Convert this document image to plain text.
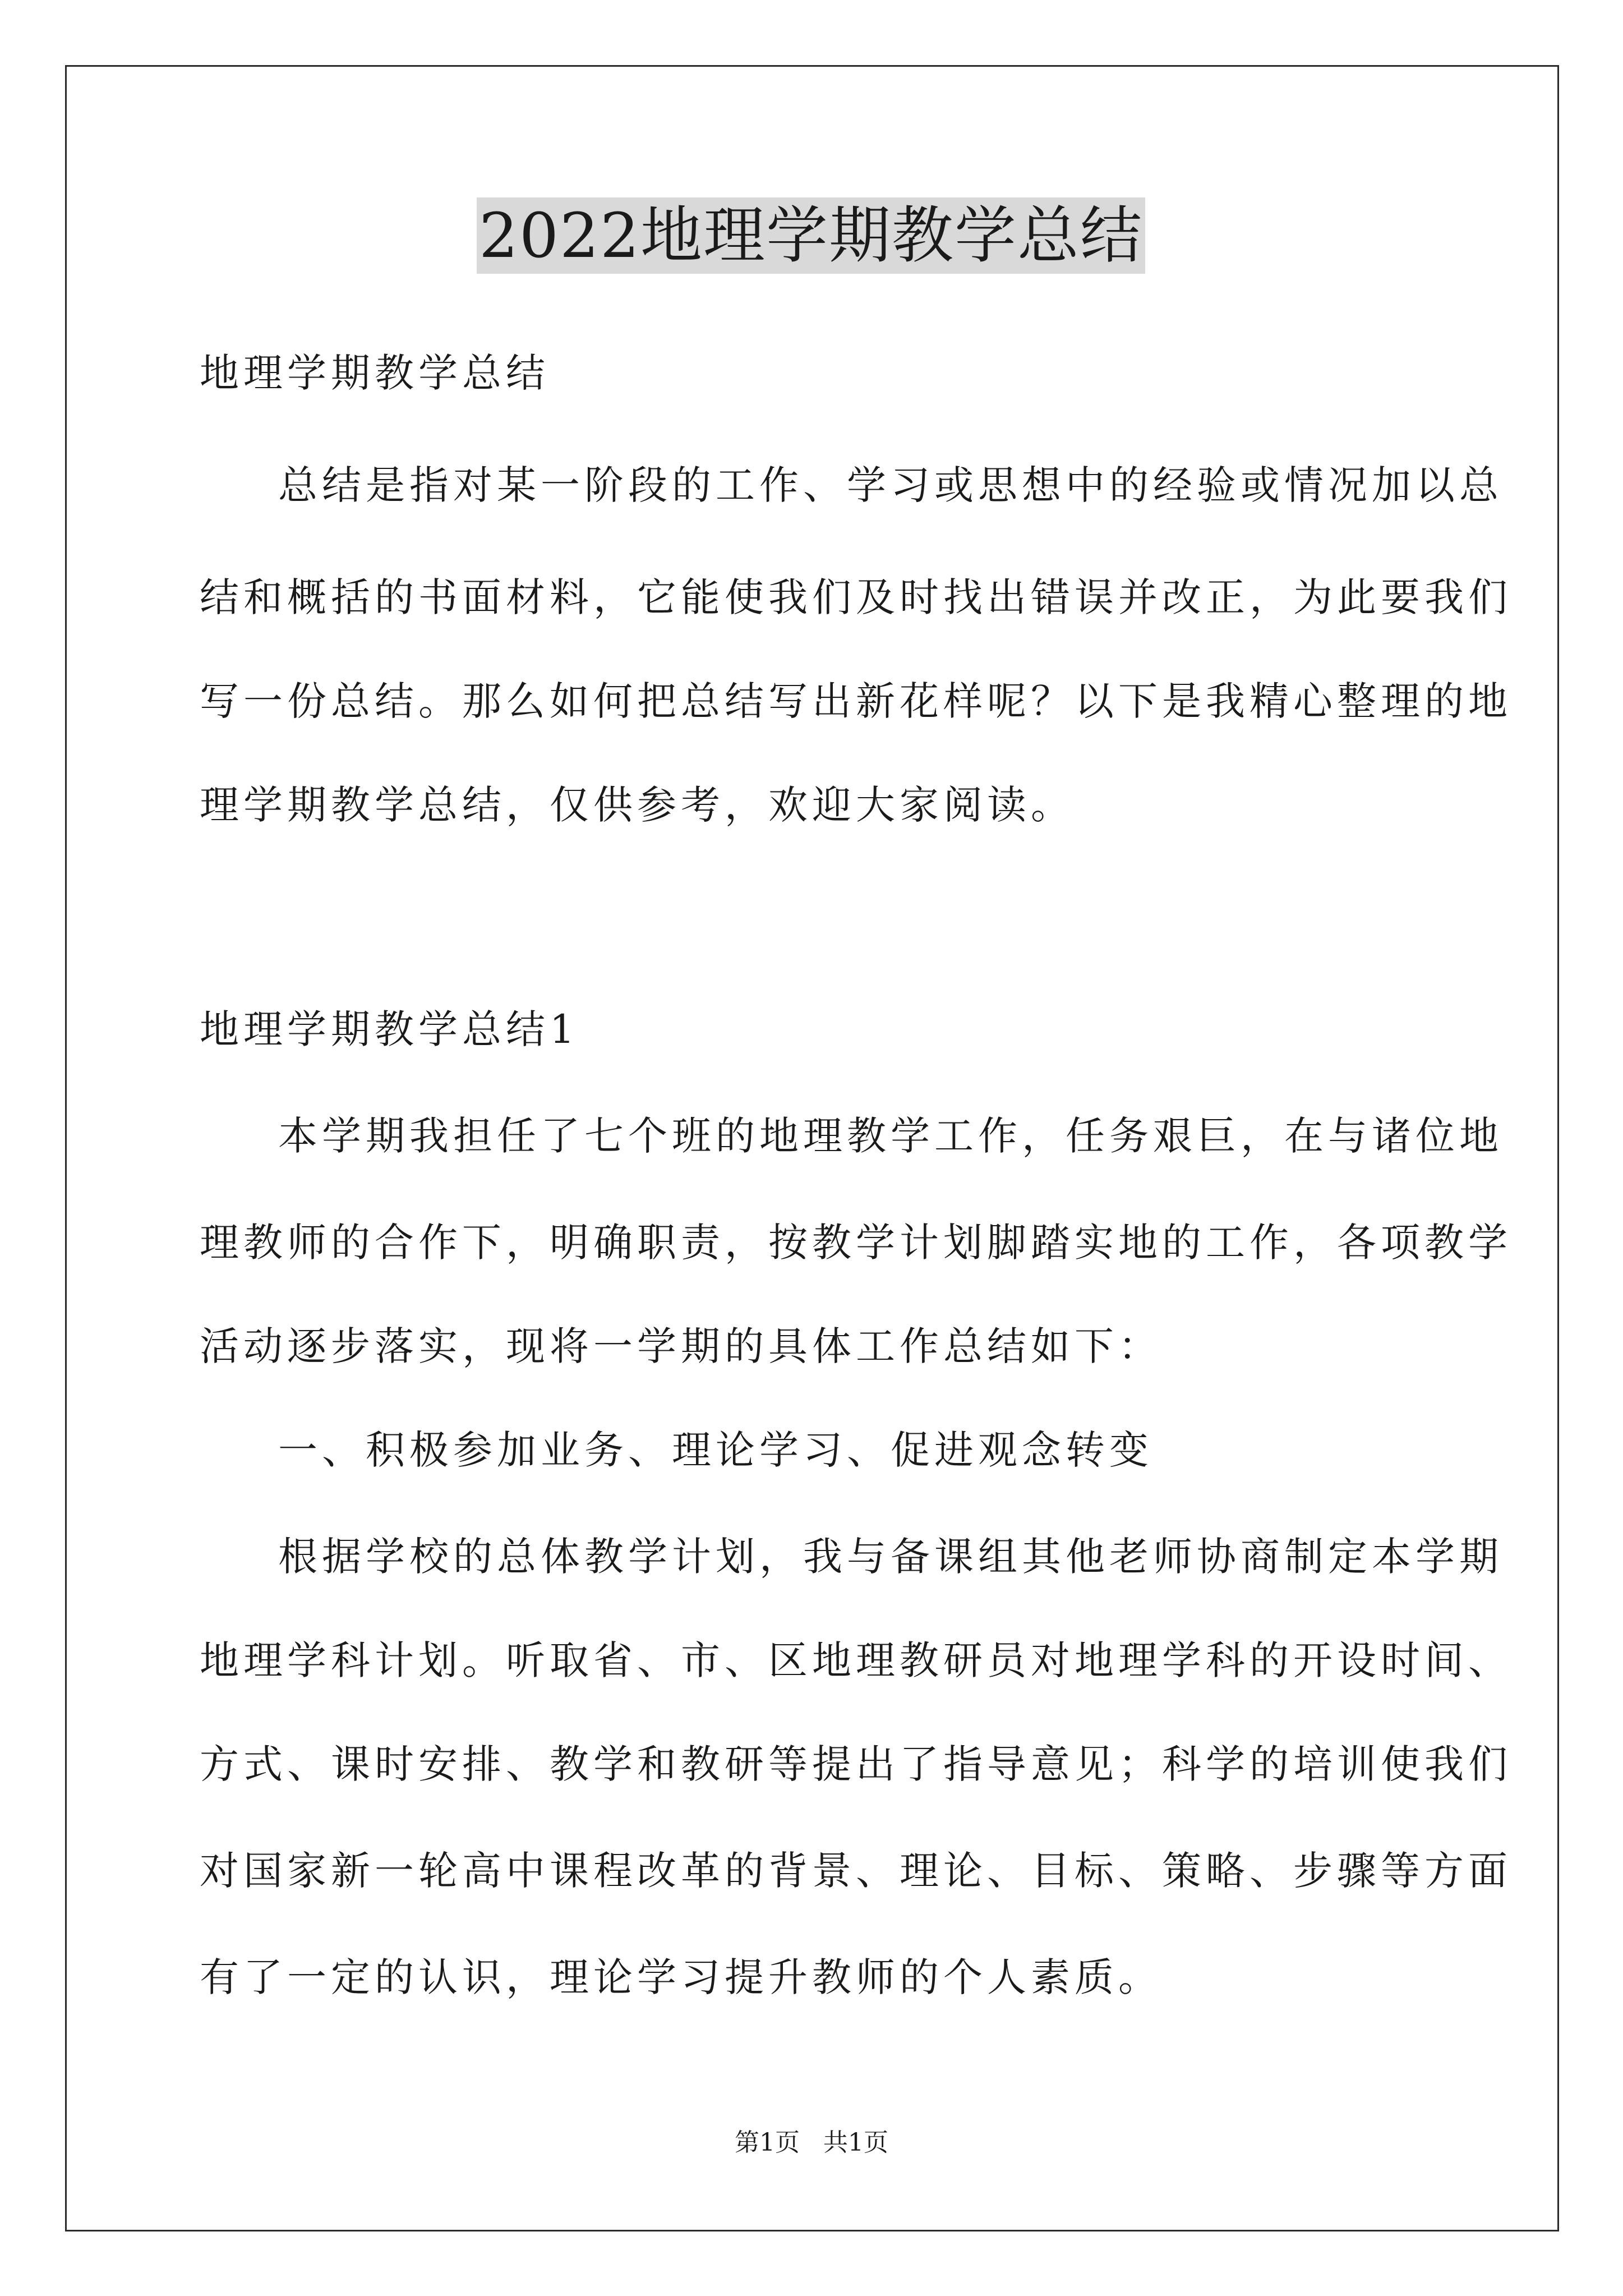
2022地理学期教学总结
地理学期教学总结
总结是指对某一阶段的工作、学习或思想中的经验或情况加以总
结和概括的书面材料，它能使我们及时找出错误并改正，为此要我们
写一份总结。那么如何把总结写出新花样呢？以下是我精心整理的地
理学期教学总结，仅供参考，欢迎大家阅读。
地理学期教学总结1
本学期我担任了七个班的地理教学工作，任务艰巨，在与诸位地
理教师的合作下，明确职责，按教学计划脚踏实地的工作，各项教学
活动逐步落实，现将一学期的具体工作总结如下：
一、积极参加业务、理论学习、促进观念转变
根据学校的总体教学计划，我与备课组其他老师协商制定本学期
地理学科计划。听取省、市、区地理教研员对地理学科的开设时间、
方式、课时安排、教学和教研等提出了指导意见；科学的培训使我们
对国家新一轮高中课程改革的背景、理论、目标、策略、步骤等方面
有了一定的认识，理论学习提升教师的个人素质。
第1页   共1页
